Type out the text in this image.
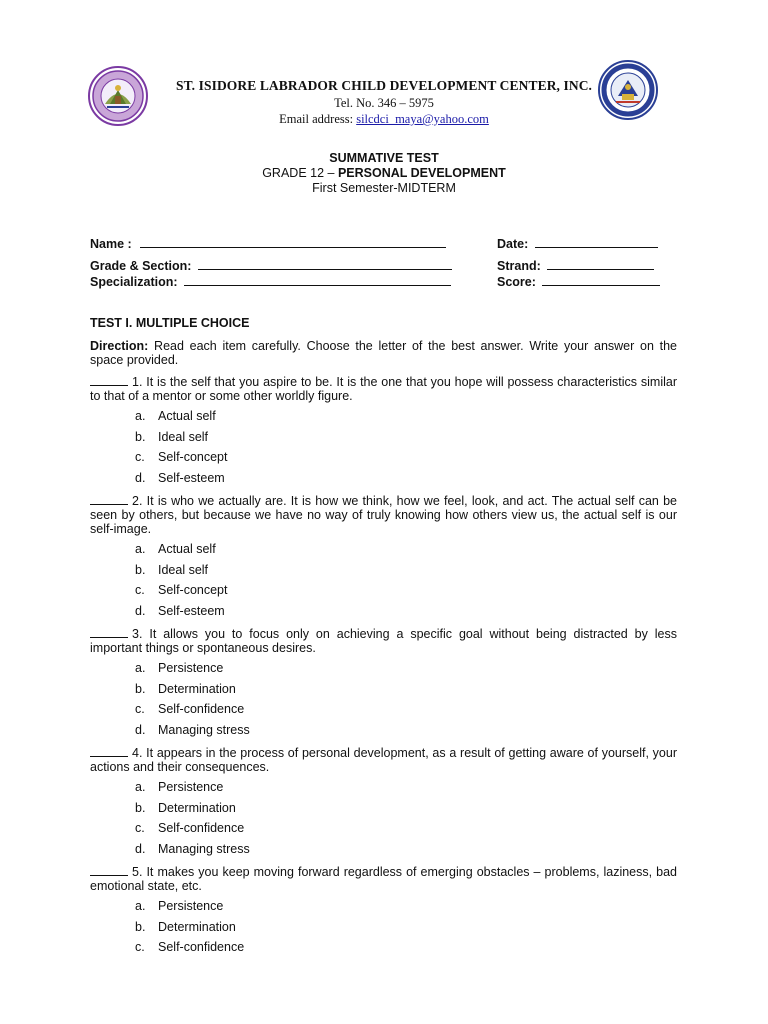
ST. ISIDORE LABRADOR CHILD DEVELOPMENT CENTER, INC.
Tel. No. 346 – 5975
Email address: silcdci_maya@yahoo.com
SUMMATIVE TEST
GRADE 12 – PERSONAL DEVELOPMENT
First Semester-MIDTERM
Name :	Date:
Grade & Section:	Strand:
Specialization:	Score:
TEST I. MULTIPLE CHOICE
Direction: Read each item carefully. Choose the letter of the best answer. Write your answer on the space provided.
1. It is the self that you aspire to be. It is the one that you hope will possess characteristics similar to that of a mentor or some other worldly figure.
a. Actual self
b. Ideal self
c. Self-concept
d. Self-esteem
2. It is who we actually are. It is how we think, how we feel, look, and act. The actual self can be seen by others, but because we have no way of truly knowing how others view us, the actual self is our self-image.
a. Actual self
b. Ideal self
c. Self-concept
d. Self-esteem
3. It allows you to focus only on achieving a specific goal without being distracted by less important things or spontaneous desires.
a. Persistence
b. Determination
c. Self-confidence
d. Managing stress
4. It appears in the process of personal development, as a result of getting aware of yourself, your actions and their consequences.
a. Persistence
b. Determination
c. Self-confidence
d. Managing stress
5. It makes you keep moving forward regardless of emerging obstacles – problems, laziness, bad emotional state, etc.
a. Persistence
b. Determination
c. Self-confidence
